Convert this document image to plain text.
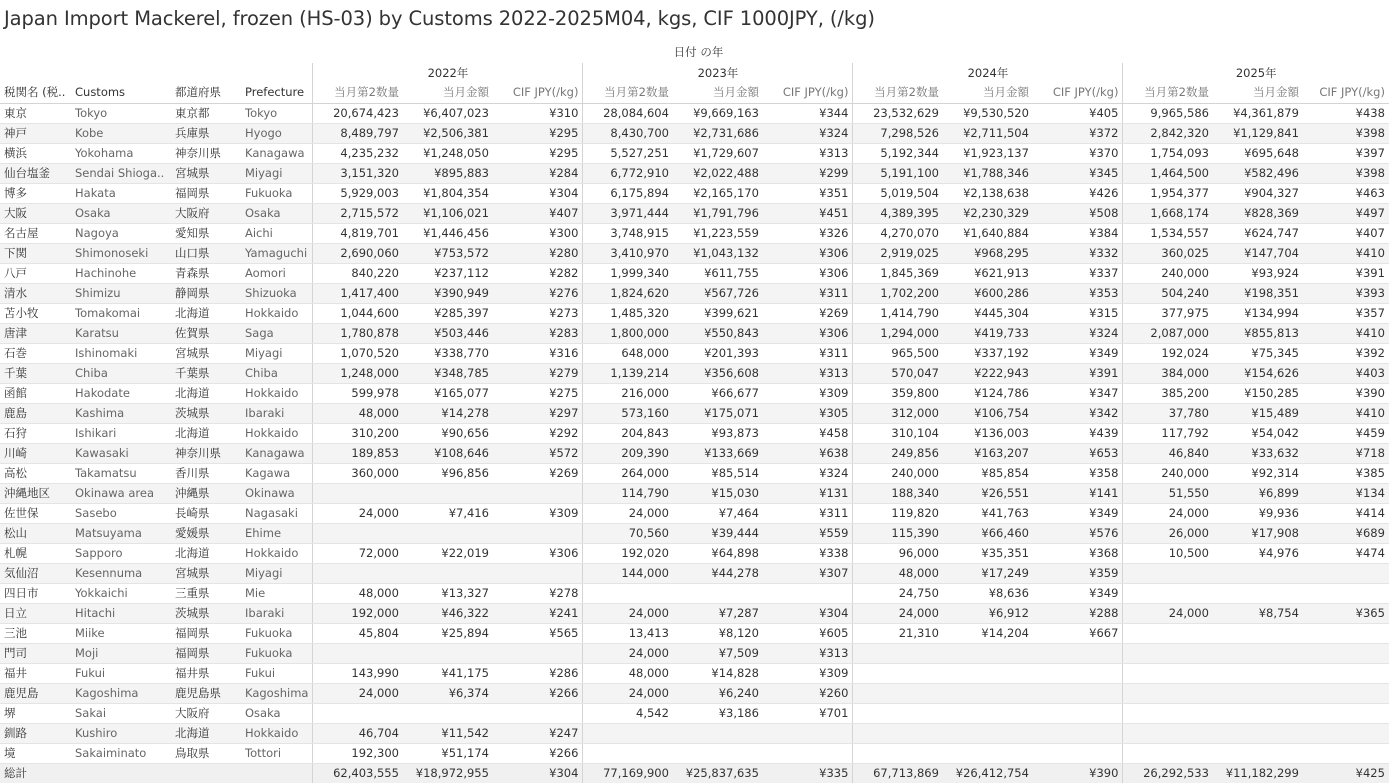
Japan Import Mackerel, frozen (HS-03) by Customs 2022-2025M04, kgs, CIF 1000JPY, (/kg)
日付 の年
				2022年			2023年			2024年			2025年		
税関名 (税..	Customs	都道府県	Prefecture	当月第2数量	当月金額	CIF JPY(/kg)	当月第2数量	当月金額	CIF JPY(/kg)	当月第2数量	当月金額	CIF JPY(/kg)	当月第2数量	当月金額	CIF JPY(/kg)
東京	Tokyo	東京都	Tokyo	20,674,423	¥6,407,023	¥310	28,084,604	¥9,669,163	¥344	23,532,629	¥9,530,520	¥405	9,965,586	¥4,361,879	¥438
神戸	Kobe	兵庫県	Hyogo	8,489,797	¥2,506,381	¥295	8,430,700	¥2,731,686	¥324	7,298,526	¥2,711,504	¥372	2,842,320	¥1,129,841	¥398
横浜	Yokohama	神奈川県	Kanagawa	4,235,232	¥1,248,050	¥295	5,527,251	¥1,729,607	¥313	5,192,344	¥1,923,137	¥370	1,754,093	¥695,648	¥397
仙台塩釜	Sendai Shioga..	宮城県	Miyagi	3,151,320	¥895,883	¥284	6,772,910	¥2,022,488	¥299	5,191,100	¥1,788,346	¥345	1,464,500	¥582,496	¥398
博多	Hakata	福岡県	Fukuoka	5,929,003	¥1,804,354	¥304	6,175,894	¥2,165,170	¥351	5,019,504	¥2,138,638	¥426	1,954,377	¥904,327	¥463
大阪	Osaka	大阪府	Osaka	2,715,572	¥1,106,021	¥407	3,971,444	¥1,791,796	¥451	4,389,395	¥2,230,329	¥508	1,668,174	¥828,369	¥497
名古屋	Nagoya	愛知県	Aichi	4,819,701	¥1,446,456	¥300	3,748,915	¥1,223,559	¥326	4,270,070	¥1,640,884	¥384	1,534,557	¥624,747	¥407
下関	Shimonoseki	山口県	Yamaguchi	2,690,060	¥753,572	¥280	3,410,970	¥1,043,132	¥306	2,919,025	¥968,295	¥332	360,025	¥147,704	¥410
八戸	Hachinohe	青森県	Aomori	840,220	¥237,112	¥282	1,999,340	¥611,755	¥306	1,845,369	¥621,913	¥337	240,000	¥93,924	¥391
清水	Shimizu	静岡県	Shizuoka	1,417,400	¥390,949	¥276	1,824,620	¥567,726	¥311	1,702,200	¥600,286	¥353	504,240	¥198,351	¥393
苫小牧	Tomakomai	北海道	Hokkaido	1,044,600	¥285,397	¥273	1,485,320	¥399,621	¥269	1,414,790	¥445,304	¥315	377,975	¥134,994	¥357
唐津	Karatsu	佐賀県	Saga	1,780,878	¥503,446	¥283	1,800,000	¥550,843	¥306	1,294,000	¥419,733	¥324	2,087,000	¥855,813	¥410
石巻	Ishinomaki	宮城県	Miyagi	1,070,520	¥338,770	¥316	648,000	¥201,393	¥311	965,500	¥337,192	¥349	192,024	¥75,345	¥392
千葉	Chiba	千葉県	Chiba	1,248,000	¥348,785	¥279	1,139,214	¥356,608	¥313	570,047	¥222,943	¥391	384,000	¥154,626	¥403
函館	Hakodate	北海道	Hokkaido	599,978	¥165,077	¥275	216,000	¥66,677	¥309	359,800	¥124,786	¥347	385,200	¥150,285	¥390
鹿島	Kashima	茨城県	Ibaraki	48,000	¥14,278	¥297	573,160	¥175,071	¥305	312,000	¥106,754	¥342	37,780	¥15,489	¥410
石狩	Ishikari	北海道	Hokkaido	310,200	¥90,656	¥292	204,843	¥93,873	¥458	310,104	¥136,003	¥439	117,792	¥54,042	¥459
川崎	Kawasaki	神奈川県	Kanagawa	189,853	¥108,646	¥572	209,390	¥133,669	¥638	249,856	¥163,207	¥653	46,840	¥33,632	¥718
高松	Takamatsu	香川県	Kagawa	360,000	¥96,856	¥269	264,000	¥85,514	¥324	240,000	¥85,854	¥358	240,000	¥92,314	¥385
沖縄地区	Okinawa area	沖縄県	Okinawa				114,790	¥15,030	¥131	188,340	¥26,551	¥141	51,550	¥6,899	¥134
佐世保	Sasebo	長崎県	Nagasaki	24,000	¥7,416	¥309	24,000	¥7,464	¥311	119,820	¥41,763	¥349	24,000	¥9,936	¥414
松山	Matsuyama	愛媛県	Ehime				70,560	¥39,444	¥559	115,390	¥66,460	¥576	26,000	¥17,908	¥689
札幌	Sapporo	北海道	Hokkaido	72,000	¥22,019	¥306	192,020	¥64,898	¥338	96,000	¥35,351	¥368	10,500	¥4,976	¥474
気仙沼	Kesennuma	宮城県	Miyagi				144,000	¥44,278	¥307	48,000	¥17,249	¥359			
四日市	Yokkaichi	三重県	Mie	48,000	¥13,327	¥278				24,750	¥8,636	¥349			
日立	Hitachi	茨城県	Ibaraki	192,000	¥46,322	¥241	24,000	¥7,287	¥304	24,000	¥6,912	¥288	24,000	¥8,754	¥365
三池	Miike	福岡県	Fukuoka	45,804	¥25,894	¥565	13,413	¥8,120	¥605	21,310	¥14,204	¥667			
門司	Moji	福岡県	Fukuoka				24,000	¥7,509	¥313						
福井	Fukui	福井県	Fukui	143,990	¥41,175	¥286	48,000	¥14,828	¥309						
鹿児島	Kagoshima	鹿児島県	Kagoshima	24,000	¥6,374	¥266	24,000	¥6,240	¥260						
堺	Sakai	大阪府	Osaka				4,542	¥3,186	¥701						
釧路	Kushiro	北海道	Hokkaido	46,704	¥11,542	¥247									
境	Sakaiminato	鳥取県	Tottori	192,300	¥51,174	¥266									
総計				62,403,555	¥18,972,955	¥304	77,169,900	¥25,837,635	¥335	67,713,869	¥26,412,754	¥390	26,292,533	¥11,182,299	¥425
